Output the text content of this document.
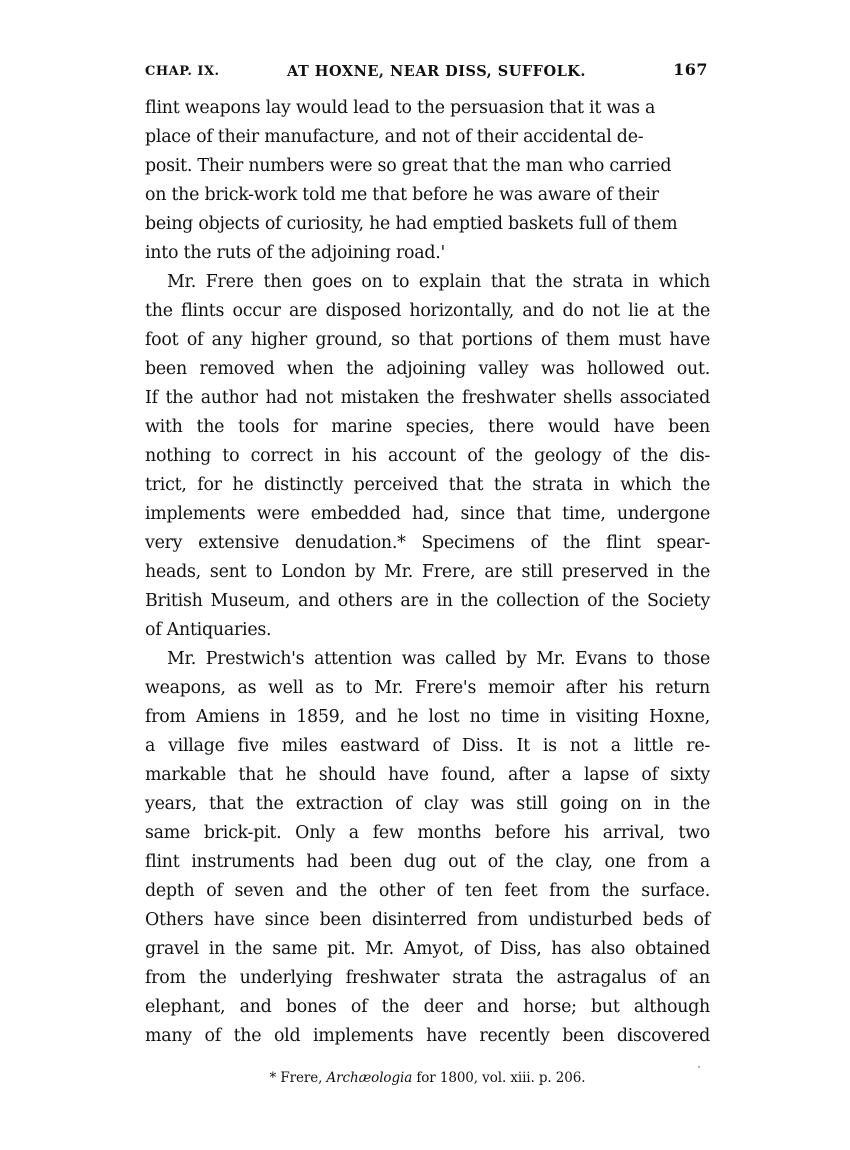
CHAP. IX.	AT HOXNE, NEAR DISS, SUFFOLK.	167

flint weapons lay would lead to the persuasion that it was a
place of their manufacture, and not of their accidental de-
posit. Their numbers were so great that the man who carried
on the brick-work told me that before he was aware of their
being objects of curiosity, he had emptied baskets full of them
into the ruts of the adjoining road.'

Mr. Frere then goes on to explain that the strata in which
the flints occur are disposed horizontally, and do not lie at the
foot of any higher ground, so that portions of them must have
been removed when the adjoining valley was hollowed out.
If the author had not mistaken the freshwater shells associated
with the tools for marine species, there would have been
nothing to correct in his account of the geology of the dis-
trict, for he distinctly perceived that the strata in which the
implements were embedded had, since that time, undergone
very extensive denudation.* Specimens of the flint spear-
heads, sent to London by Mr. Frere, are still preserved in the
British Museum, and others are in the collection of the Society
of Antiquaries.

Mr. Prestwich's attention was called by Mr. Evans to those
weapons, as well as to Mr. Frere's memoir after his return
from Amiens in 1859, and he lost no time in visiting Hoxne,
a village five miles eastward of Diss. It is not a little re-
markable that he should have found, after a lapse of sixty
years, that the extraction of clay was still going on in the
same brick-pit. Only a few months before his arrival, two
flint instruments had been dug out of the clay, one from a
depth of seven and the other of ten feet from the surface.
Others have since been disinterred from undisturbed beds of
gravel in the same pit. Mr. Amyot, of Diss, has also obtained
from the underlying freshwater strata the astragalus of an
elephant, and bones of the deer and horse; but although
many of the old implements have recently been discovered

* Frere, Archæologia for 1800, vol. xiii. p. 206.
